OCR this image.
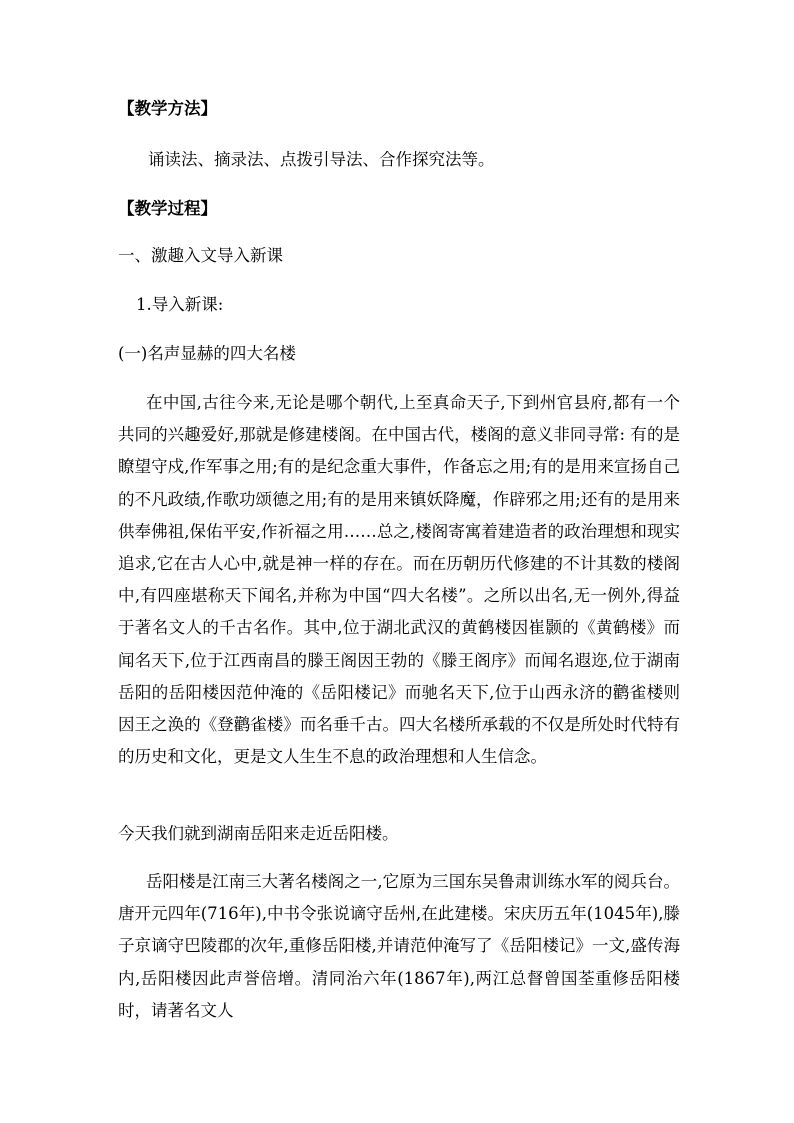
【教学方法】
诵读法、摘录法、点拨引导法、合作探究法等。
【教学过程】
一、激趣入文导入新课
1.导入新课:
(一)名声显赫的四大名楼

在中国,古往今来,无论是哪个朝代,上至真命天子,下到州官县府,都有一个共同的兴趣爱好,那就是修建楼阁。在中国古代，楼阁的意义非同寻常: 有的是瞭望守戍,作军事之用;有的是纪念重大事件，作备忘之用;有的是用来宣扬自己的不凡政绩,作歌功颂德之用;有的是用来镇妖降魔，作辟邪之用;还有的是用来供奉佛祖,保佑平安,作祈福之用……总之,楼阁寄寓着建造者的政治理想和现实追求,它在古人心中,就是神一样的存在。而在历朝历代修建的不计其数的楼阁中,有四座堪称天下闻名,并称为中国“四大名楼”。之所以出名,无一例外,得益于著名文人的千古名作。其中,位于湖北武汉的黄鹤楼因崔颢的《黄鹤楼》而闻名天下,位于江西南昌的滕王阁因王勃的《滕王阁序》而闻名遐迩,位于湖南岳阳的岳阳楼因范仲淹的《岳阳楼记》而驰名天下,位于山西永济的鹳雀楼则因王之涣的《登鹳雀楼》而名垂千古。四大名楼所承载的不仅是所处时代特有的历史和文化，更是文人生生不息的政治理想和人生信念。

今天我们就到湖南岳阳来走近岳阳楼。

岳阳楼是江南三大著名楼阁之一,它原为三国东吴鲁肃训练水军的阅兵台。唐开元四年(716年),中书令张说谪守岳州,在此建楼。宋庆历五年(1045年),滕子京谪守巴陵郡的次年,重修岳阳楼,并请范仲淹写了《岳阳楼记》一文,盛传海内,岳阳楼因此声誉倍增。清同治六年(1867年),两江总督曾国荃重修岳阳楼时，请著名文人
